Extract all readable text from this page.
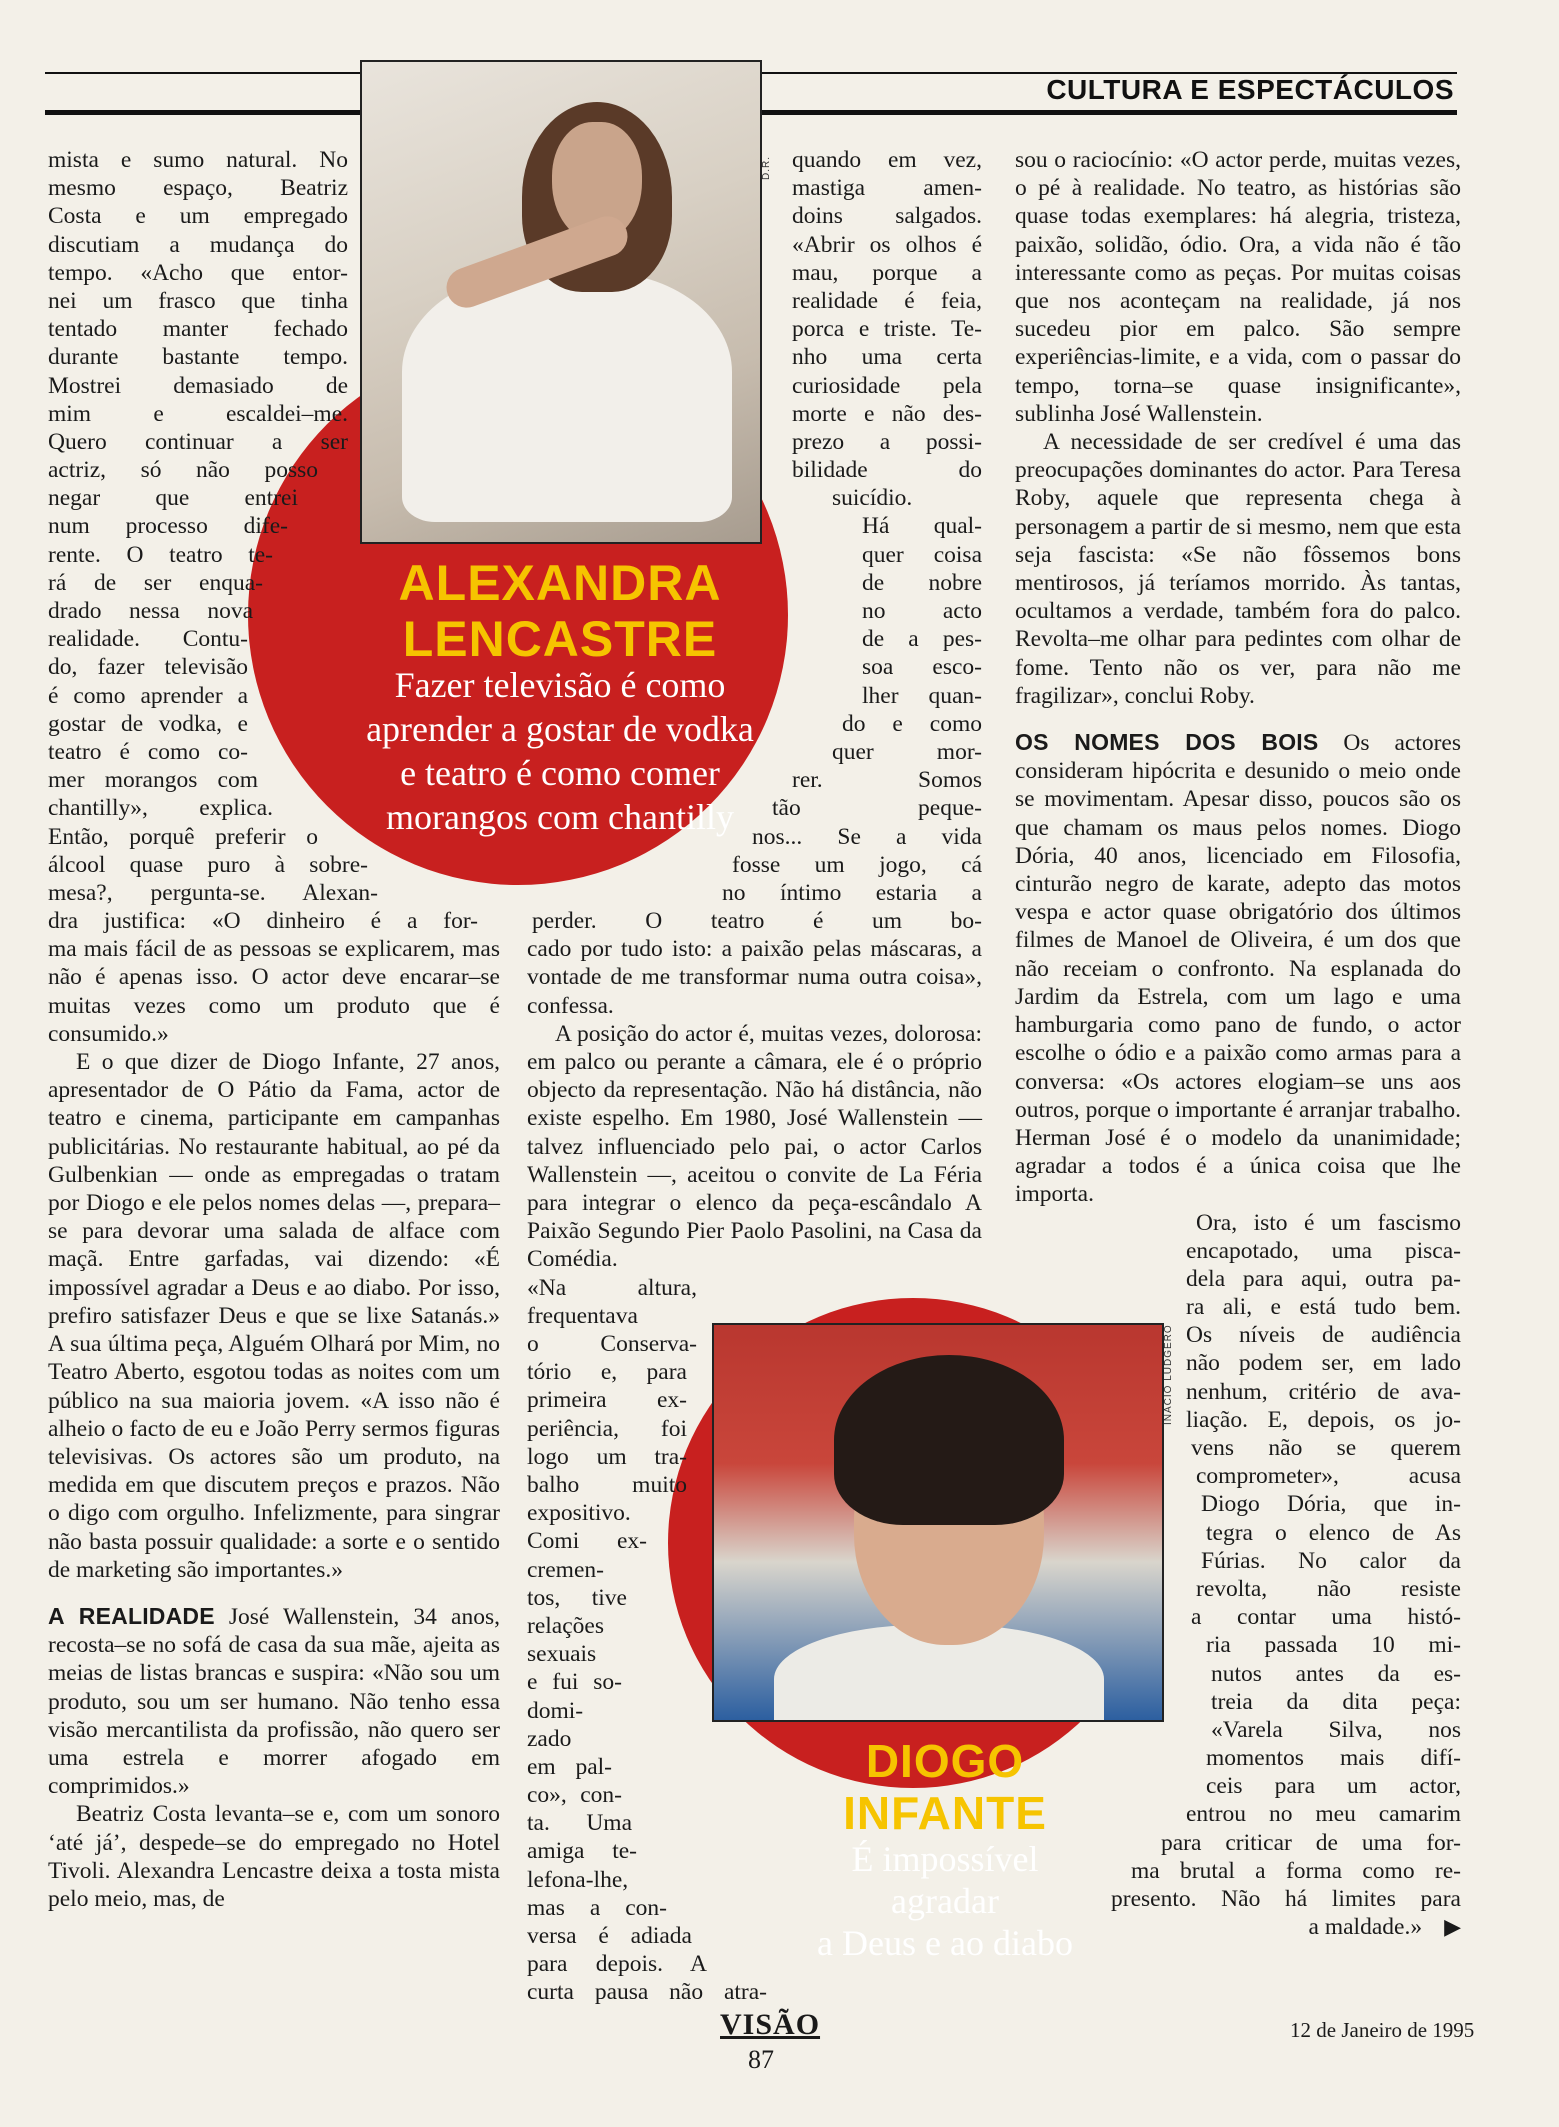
CULTURA E ESPECTÁCULOS
D.R.
ALEXANDRA
LENCASTRE
Fazer televisão é como
aprender a gostar de vodka
e teatro é como comer
morangos com chantilly
INÁCIO LUDGERO
DIOGO
INFANTE
É impossível
agradar
a Deus e ao diabo
mista e sumo natural. No
mesmo espaço, Beatriz
Costa e um empregado
discutiam a mudança do
tempo. «Acho que entor-
nei um frasco que tinha
tentado manter fechado
durante bastante tempo.
Mostrei demasiado de
mim e escaldei–me.
Quero continuar a ser
actriz, só não posso
negar que entrei
num processo dife-
rente. O teatro te-
rá de ser enqua-
drado nessa nova
realidade. Contu-
do, fazer televisão
é como aprender a
gostar de vodka, e
teatro é como co-
mer morangos com
chantilly», explica.
Então, porquê preferir o
álcool quase puro à sobre-
mesa?, pergunta-se. Alexan-
dra justifica: «O dinheiro é a for-

ma mais fácil de as pessoas se explicarem, mas não é apenas isso. O actor deve encarar–se muitas vezes como um produto que é consumido.»

E o que dizer de Diogo Infante, 27 anos, apresentador de O Pátio da Fama, actor de teatro e cinema, participante em campanhas publicitárias. No restaurante habitual, ao pé da Gulbenkian — onde as empregadas o tratam por Diogo e ele pelos nomes delas —, prepara–se para devorar uma salada de alface com maçã. Entre garfadas, vai dizendo: «É impossível agradar a Deus e ao diabo. Por isso, prefiro satisfazer Deus e que se lixe Satanás.» A sua última peça, Alguém Olhará por Mim, no Teatro Aberto, esgotou todas as noites com um público na sua maioria jovem. «A isso não é alheio o facto de eu e João Perry sermos figuras televisivas. Os actores são um produto, na medida em que discutem preços e prazos. Não o digo com orgulho. Infelizmente, para singrar não basta possuir qualidade: a sorte e o sentido de marketing são importantes.»

A REALIDADE José Wallenstein, 34 anos, recosta–se no sofá de casa da sua mãe, ajeita as meias de listas brancas e suspira: «Não sou um produto, sou um ser humano. Não tenho essa visão mercantilista da profissão, não quero ser uma estrela e morrer afogado em comprimidos.»

Beatriz Costa levanta–se e, com um sonoro ‘até já’, despede–se do empregado no Hotel Tivoli. Alexandra Lencastre deixa a tosta mista pelo meio, mas, de

quando em vez,
mastiga amen-
doins salgados.
«Abrir os olhos é
mau, porque a
realidade é feia,
porca e triste. Te-
nho uma certa
curiosidade pela
morte e não des-
prezo a possi-
bilidade do
suicídio.
Há qual-
quer coisa
de nobre
no acto
de a pes-
soa esco-
lher quan-
do e como
quer mor-
rer. Somos
tão peque-
nos... Se a vida
fosse um jogo, cá
no íntimo estaria a
perder. O teatro é um bo-

cado por tudo isto: a paixão pelas máscaras, a vontade de me transformar numa outra coisa», confessa.

A posição do actor é, muitas vezes, dolorosa: em palco ou perante a câmara, ele é o próprio objecto da representação. Não há distância, não existe espelho. Em 1980, José Wallenstein — talvez influenciado pelo pai, o actor Carlos Wallenstein —, aceitou o convite de La Féria para integrar o elenco da peça-escândalo A Paixão Segundo Pier Paolo Pasolini, na Casa da Comédia.

«Na altura,
frequentava
o Conserva-
tório e, para
primeira ex-
periência, foi
logo um tra-
balho muito
expositivo.
Comi ex-
cremen-
tos, tive
relações
sexuais
e fui so-
domi-
zado
em pal-
co», con-
ta. Uma
amiga te-
lefona-lhe,
mas a con-
versa é adiada
para depois. A
curta pausa não atra-

sou o raciocínio: «O actor perde, muitas vezes, o pé à realidade. No teatro, as histórias são quase todas exemplares: há alegria, tristeza, paixão, solidão, ódio. Ora, a vida não é tão interessante como as peças. Por muitas coisas que nos aconteçam na realidade, já nos sucedeu pior em palco. São sempre experiências-limite, e a vida, com o passar do tempo, torna–se quase insignificante», sublinha José Wallenstein.

A necessidade de ser credível é uma das preocupações dominantes do actor. Para Teresa Roby, aquele que representa chega à personagem a partir de si mesmo, nem que esta seja fascista: «Se não fôssemos bons mentirosos, já teríamos morrido. Às tantas, ocultamos a verdade, também fora do palco. Revolta–me olhar para pedintes com olhar de fome. Tento não os ver, para não me fragilizar», conclui Roby.

OS NOMES DOS BOIS Os actores consideram hipócrita e desunido o meio onde se movimentam. Apesar disso, poucos são os que chamam os maus pelos nomes. Diogo Dória, 40 anos, licenciado em Filosofia, cinturão negro de karate, adepto das motos vespa e actor quase obrigatório dos últimos filmes de Manoel de Oliveira, é um dos que não receiam o confronto. Na esplanada do Jardim da Estrela, com um lago e uma hamburgaria como pano de fundo, o actor escolhe o ódio e a paixão como armas para a conversa: «Os actores elogiam–se uns aos outros, porque o importante é arranjar trabalho. Herman José é o modelo da unanimidade; agradar a todos é a única coisa que lhe importa.

Ora, isto é um fascismo
encapotado, uma pisca-
dela para aqui, outra pa-
ra ali, e está tudo bem.
Os níveis de audiência
não podem ser, em lado
nenhum, critério de ava-
liação. E, depois, os jo-
vens não se querem
comprometer», acusa
Diogo Dória, que in-
tegra o elenco de As
Fúrias. No calor da
revolta, não resiste
a contar uma histó-
ria passada 10 mi-
nutos antes da es-
treia da dita peça:
«Varela Silva, nos
momentos mais difí-
ceis para um actor,
entrou no meu camarim
para criticar de uma for-
ma brutal a forma como re-
presento. Não há limites para
a maldade.» ▶
VISÃO
87
12 de Janeiro de 1995
